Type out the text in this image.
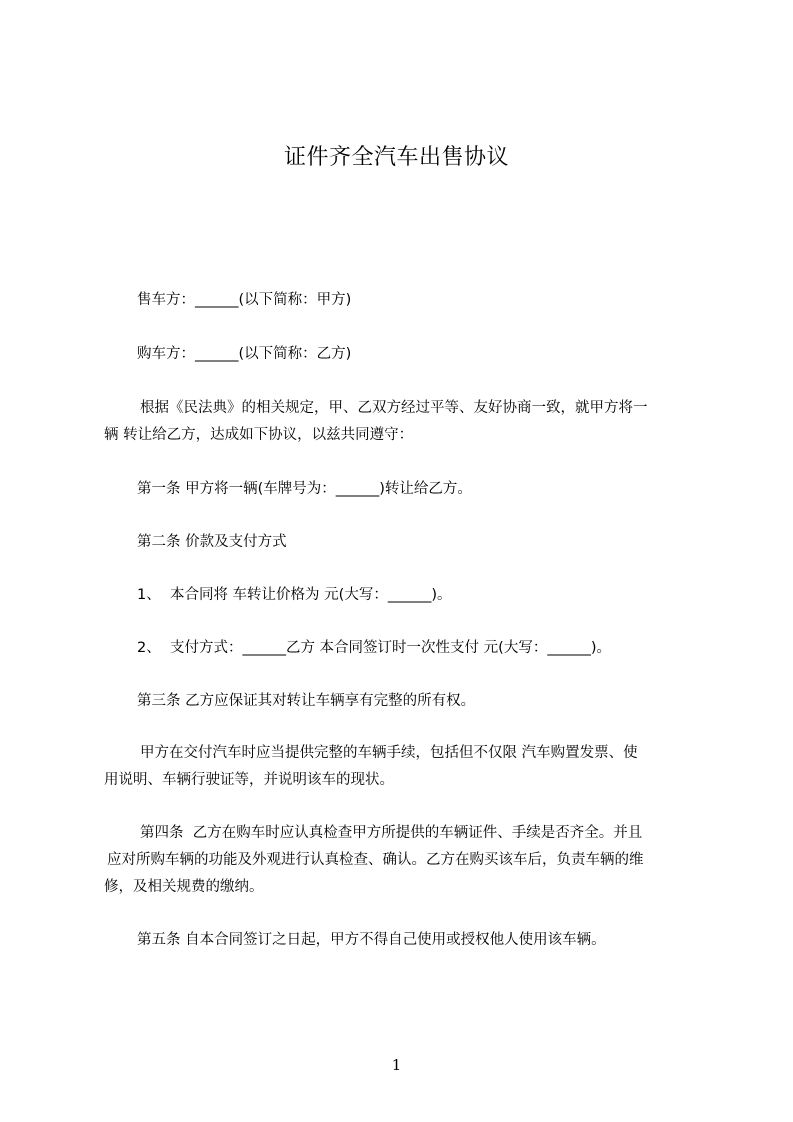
证件齐全汽车出售协议
售车方：______(以下简称：甲方)
购车方：______(以下简称：乙方)
根据《民法典》的相关规定，甲、乙双方经过平等、友好协商一致，就甲方将一
辆 转让给乙方，达成如下协议，以兹共同遵守：
第一条 甲方将一辆(车牌号为：______)转让给乙方。
第二条 价款及支付方式
1、  本合同将 车转让价格为 元(大写：______)。
2、  支付方式：______乙方 本合同签订时一次性支付 元(大写：______)。
第三条 乙方应保证其对转让车辆享有完整的所有权。
甲方在交付汽车时应当提供完整的车辆手续，包括但不仅限 汽车购置发票、使
用说明、车辆行驶证等，并说明该车的现状。
第四条  乙方在购车时应认真检查甲方所提供的车辆证件、手续是否齐全。并且
应对所购车辆的功能及外观进行认真检查、确认。乙方在购买该车后，负责车辆的维
修，及相关规费的缴纳。
第五条 自本合同签订之日起，甲方不得自己使用或授权他人使用该车辆。
1
